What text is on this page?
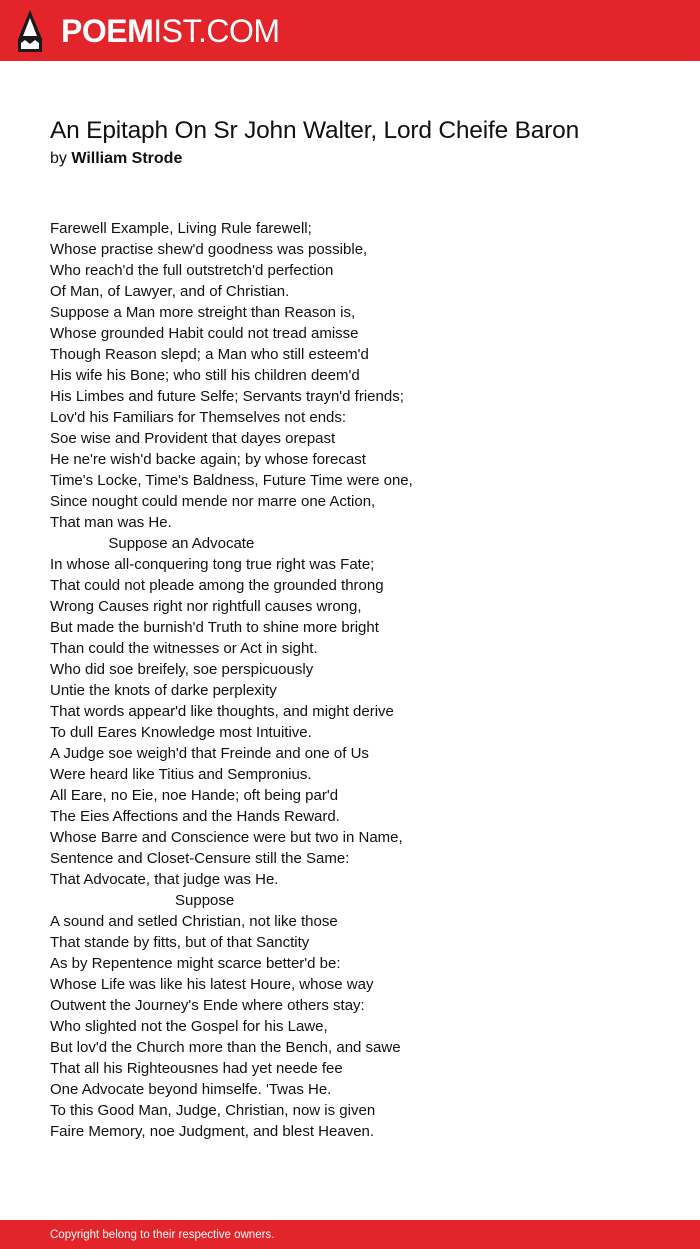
POEMIST.COM
An Epitaph On Sr John Walter, Lord Cheife Baron
by William Strode
Farewell Example, Living Rule farewell;
Whose practise shew'd goodness was possible,
Who reach'd the full outstretch'd perfection
Of Man, of Lawyer, and of Christian.
Suppose a Man more streight than Reason is,
Whose grounded Habit could not tread amisse
Though Reason slepd; a Man who still esteem'd
His wife his Bone; who still his children deem'd
His Limbes and future Selfe; Servants trayn'd friends;
Lov'd his Familiars for Themselves not ends:
Soe wise and Provident that dayes orepast
He ne're wish'd backe again; by whose forecast
Time's Locke, Time's Baldness, Future Time were one,
Since nought could mende nor marre one Action,
That man was He.
Suppose an Advocate
In whose all-conquering tong true right was Fate;
That could not pleade among the grounded throng
Wrong Causes right nor rightfull causes wrong,
But made the burnish'd Truth to shine more bright
Than could the witnesses or Act in sight.
Who did soe breifely, soe perspicuously
Untie the knots of darke perplexity
That words appear'd like thoughts, and might derive
To dull Eares Knowledge most Intuitive.
A Judge soe weigh'd that Freinde and one of Us
Were heard like Titius and Sempronius.
All Eare, no Eie, noe Hande; oft being par'd
The Eies Affections and the Hands Reward.
Whose Barre and Conscience were but two in Name,
Sentence and Closet-Censure still the Same:
That Advocate, that judge was He.
Suppose
A sound and setled Christian, not like those
That stande by fitts, but of that Sanctity
As by Repentence might scarce better'd be:
Whose Life was like his latest Houre, whose way
Outwent the Journey's Ende where others stay:
Who slighted not the Gospel for his Lawe,
But lov'd the Church more than the Bench, and sawe
That all his Righteousnes had yet neede fee
One Advocate beyond himselfe. 'Twas He.
To this Good Man, Judge, Christian, now is given
Faire Memory, noe Judgment, and blest Heaven.
Copyright belong to their respective owners.
